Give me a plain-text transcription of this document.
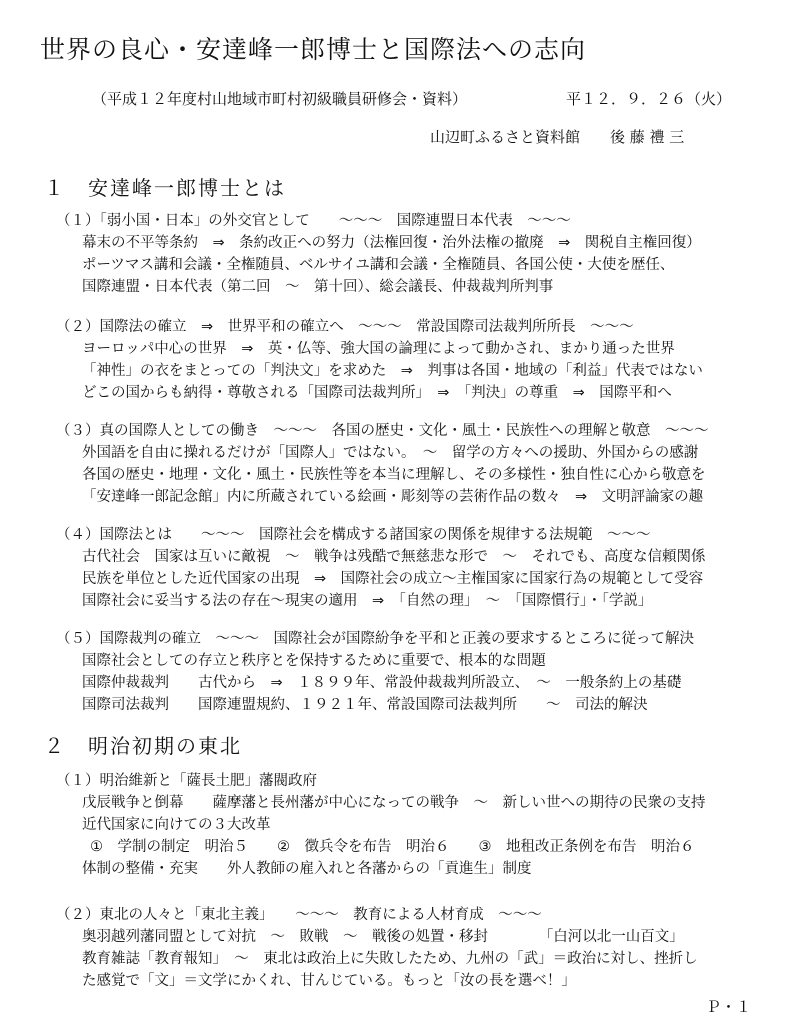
世界の良心・安達峰一郎博士と国際法への志向
（平成１２年度村山地域市町村初級職員研修会・資料）	平１２．９．２６（火）
山辺町ふるさと資料館　　後 藤 禮 三
１　安達峰一郎博士とは
（１）「弱小国・日本」の外交官として　　〜〜〜　国際連盟日本代表　〜〜〜
幕末の不平等条約　⇒　条約改正への努力（法権回復・治外法権の撤廃　⇒　関税自主権回復）
ポーツマス講和会議・全権随員、ベルサイユ講和会議・全権随員、各国公使・大使を歴任、
国際連盟・日本代表（第二回　〜　第十回）、総会議長、仲裁裁判所判事
（２）国際法の確立　⇒　世界平和の確立へ　〜〜〜　常設国際司法裁判所所長　〜〜〜
ヨーロッパ中心の世界　⇒　英・仏等、強大国の論理によって動かされ、まかり通った世界
「神性」の衣をまとっての「判決文」を求めた　⇒　判事は各国・地域の「利益」代表ではない
どこの国からも納得・尊敬される「国際司法裁判所」　⇒　「判決」の尊重　⇒　国際平和へ
（３）真の国際人としての働き　〜〜〜　各国の歴史・文化・風土・民族性への理解と敬意　〜〜〜
外国語を自由に操れるだけが「国際人」ではない。　〜　留学の方々への援助、外国からの感謝
各国の歴史・地理・文化・風土・民族性等を本当に理解し、その多様性・独自性に心から敬意を
「安達峰一郎記念館」内に所蔵されている絵画・彫刻等の芸術作品の数々　⇒　文明評論家の趣
（４）国際法とは　　〜〜〜　国際社会を構成する諸国家の関係を規律する法規範　〜〜〜
古代社会　国家は互いに敵視　〜　戦争は残酷で無慈悲な形で　〜　それでも、高度な信頼関係
民族を単位とした近代国家の出現　⇒　国際社会の成立〜主権国家に国家行為の規範として受容
国際社会に妥当する法の存在〜現実の適用　⇒　「自然の理」　〜　「国際慣行」・「学説」
（５）国際裁判の確立　〜〜〜　国際社会が国際紛争を平和と正義の要求するところに従って解決
国際社会としての存立と秩序とを保持するために重要で、根本的な問題
国際仲裁裁判　　古代から　⇒　１８９９年、常設仲裁裁判所設立、　〜　一般条約上の基礎
国際司法裁判　　国際連盟規約、１９２１年、常設国際司法裁判所　　〜　司法的解決
２　明治初期の東北
（１）明治維新と「薩長土肥」藩閥政府
戊辰戦争と倒幕　　薩摩藩と長州藩が中心になっての戦争　〜　新しい世への期待の民衆の支持
近代国家に向けての３大改革
①　学制の制定　明治５　　②　徴兵令を布告　明治６　　③　地租改正条例を布告　明治６
体制の整備・充実　　外人教師の雇入れと各藩からの「貢進生」制度
（２）東北の人々と「東北主義」　　〜〜〜　教育による人材育成　〜〜〜
奥羽越列藩同盟として対抗　〜　敗戦　〜　戦後の処置・移封　　　　「白河以北一山百文」
教育雑誌「教育報知」　〜　東北は政治上に失敗したため、九州の「武」＝政治に対し、挫折し
た感覚で「文」＝文学にかくれ、甘んじている。もっと「汝の長を選べ！」
Ｐ・１
